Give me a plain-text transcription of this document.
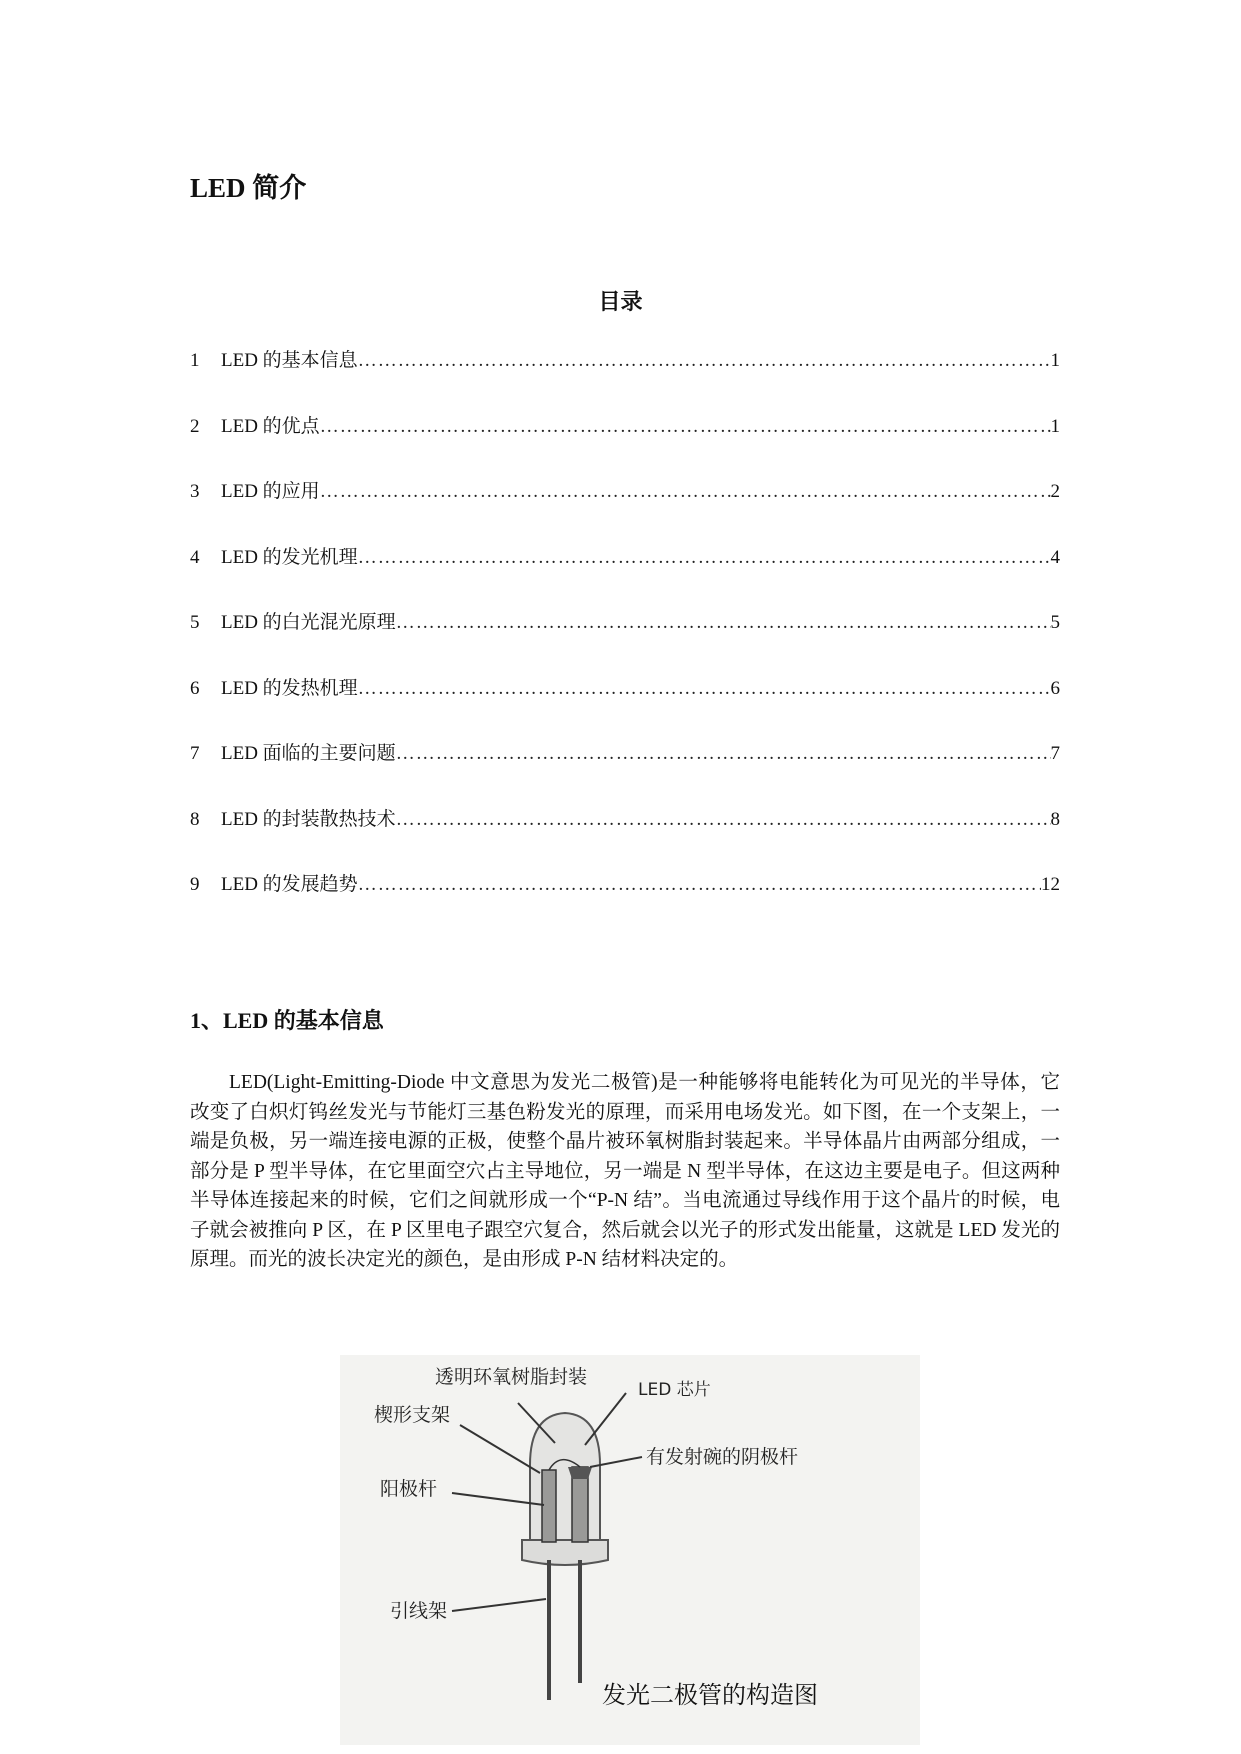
LED 简介
目录
1	LED 的基本信息 ……………………………………………………………………………………………………………………………………………………………………	1
2	LED 的优点 ……………………………………………………………………………………………………………………………………………………………………	1
3	LED 的应用 ……………………………………………………………………………………………………………………………………………………………………	2
4	LED 的发光机理 ……………………………………………………………………………………………………………………………………………………………………	4
5	LED 的白光混光原理 ……………………………………………………………………………………………………………………………………………………………………	5
6	LED 的发热机理 ……………………………………………………………………………………………………………………………………………………………………	6
7	LED 面临的主要问题 ……………………………………………………………………………………………………………………………………………………………………	7
8	LED 的封装散热技术 ……………………………………………………………………………………………………………………………………………………………………	8
9	LED 的发展趋势 ……………………………………………………………………………………………………………………………………………………………………	12
1、LED 的基本信息

LED(Light-Emitting-Diode 中文意思为发光二极管)是一种能够将电能转化为可见光的半导体，它改变了白炽灯钨丝发光与节能灯三基色粉发光的原理，而采用电场发光。如下图，在一个支架上，一端是负极，另一端连接电源的正极，使整个晶片被环氧树脂封装起来。半导体晶片由两部分组成，一部分是 P 型半导体，在它里面空穴占主导地位，另一端是 N 型半导体，在这边主要是电子。但这两种半导体连接起来的时候，它们之间就形成一个“P-N 结”。当电流通过导线作用于这个晶片的时候，电子就会被推向 P 区，在 P 区里电子跟空穴复合，然后就会以光子的形式发出能量，这就是 LED 发光的原理。而光的波长决定光的颜色，是由形成 P-N 结材料决定的。

透明环氧树脂封装
LED 芯片
楔形支架
有发射碗的阴极杆
阳极杆
引线架
发光二极管的构造图
